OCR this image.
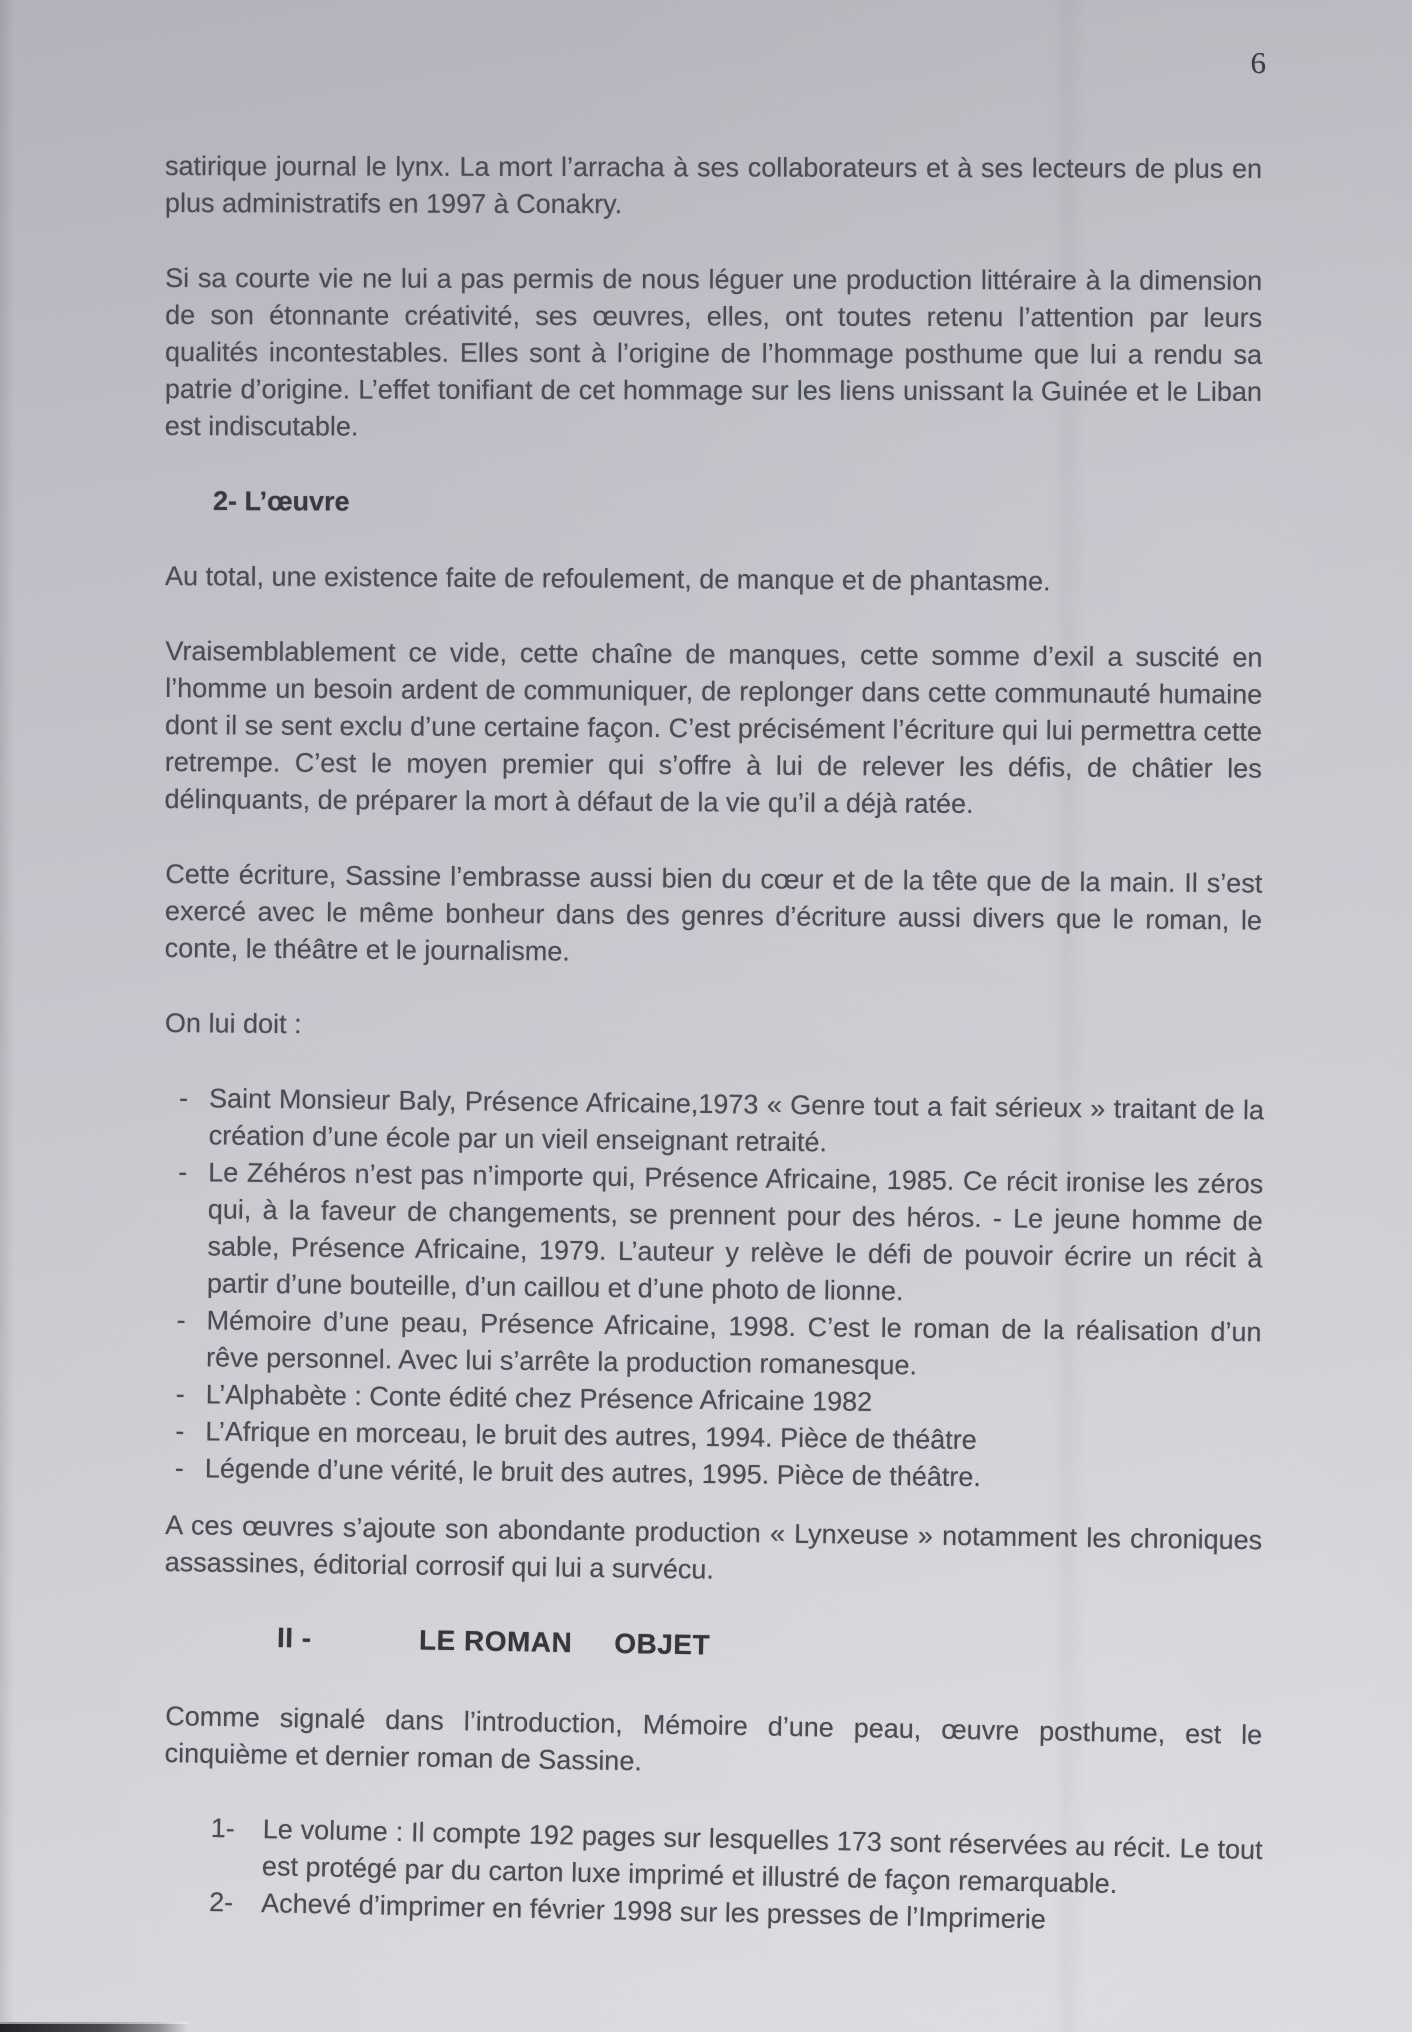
6

satirique journal le lynx. La mort l’arracha à ses collaborateurs et à ses lecteurs de plus en plus administratifs en 1997 à Conakry.

Si sa courte vie ne lui a pas permis de nous léguer une production littéraire à la dimension de son étonnante créativité, ses œuvres, elles, ont toutes retenu l’attention par leurs qualités incontestables. Elles sont à l’origine de l’hommage posthume que lui a rendu sa patrie d’origine. L’effet tonifiant de cet hommage sur les liens unissant la Guinée et le Liban est indiscutable.

2- L’œuvre

Au total, une existence faite de refoulement, de manque et de phantasme.

Vraisemblablement ce vide, cette chaîne de manques, cette somme d’exil a suscité en l’homme un besoin ardent de communiquer, de replonger dans cette communauté humaine dont il se sent exclu d’une certaine façon. C’est précisément l’écriture qui lui permettra cette retrempe. C’est le moyen premier qui s’offre à lui de relever les défis, de châtier les délinquants, de préparer la mort à défaut de la vie qu’il a déjà ratée.

Cette écriture, Sassine l’embrasse aussi bien du cœur et de la tête que de la main. Il s’est exercé avec le même bonheur dans des genres d’écriture aussi divers que le roman, le conte, le théâtre et le journalisme.

On lui doit :

- Saint Monsieur Baly, Présence Africaine,1973 « Genre tout a fait sérieux » traitant de la création d’une école par un vieil enseignant retraité.
- Le Zéhéros n’est pas n’importe qui, Présence Africaine, 1985. Ce récit ironise les zéros qui, à la faveur de changements, se prennent pour des héros. - Le jeune homme de sable, Présence Africaine, 1979. L’auteur y relève le défi de pouvoir écrire un récit à partir d’une bouteille, d’un caillou et d’une photo de lionne.
- Mémoire d’une peau, Présence Africaine, 1998. C’est le roman de la réalisation d’un rêve personnel. Avec lui s’arrête la production romanesque.
- L’Alphabète : Conte édité chez Présence Africaine 1982
- L’Afrique en morceau, le bruit des autres, 1994. Pièce de théâtre
- Légende d’une vérité, le bruit des autres, 1995. Pièce de théâtre.

A ces œuvres s’ajoute son abondante production « Lynxeuse » notamment les chroniques assassines, éditorial corrosif qui lui a survécu.

II -	LE ROMAN OBJET

Comme signalé dans l’introduction, Mémoire d’une peau, œuvre posthume, est le cinquième et dernier roman de Sassine.

1- Le volume : Il compte 192 pages sur lesquelles 173 sont réservées au récit. Le tout est protégé par du carton luxe imprimé et illustré de façon remarquable.
2- Achevé d’imprimer en février 1998 sur les presses de l’Imprimerie
